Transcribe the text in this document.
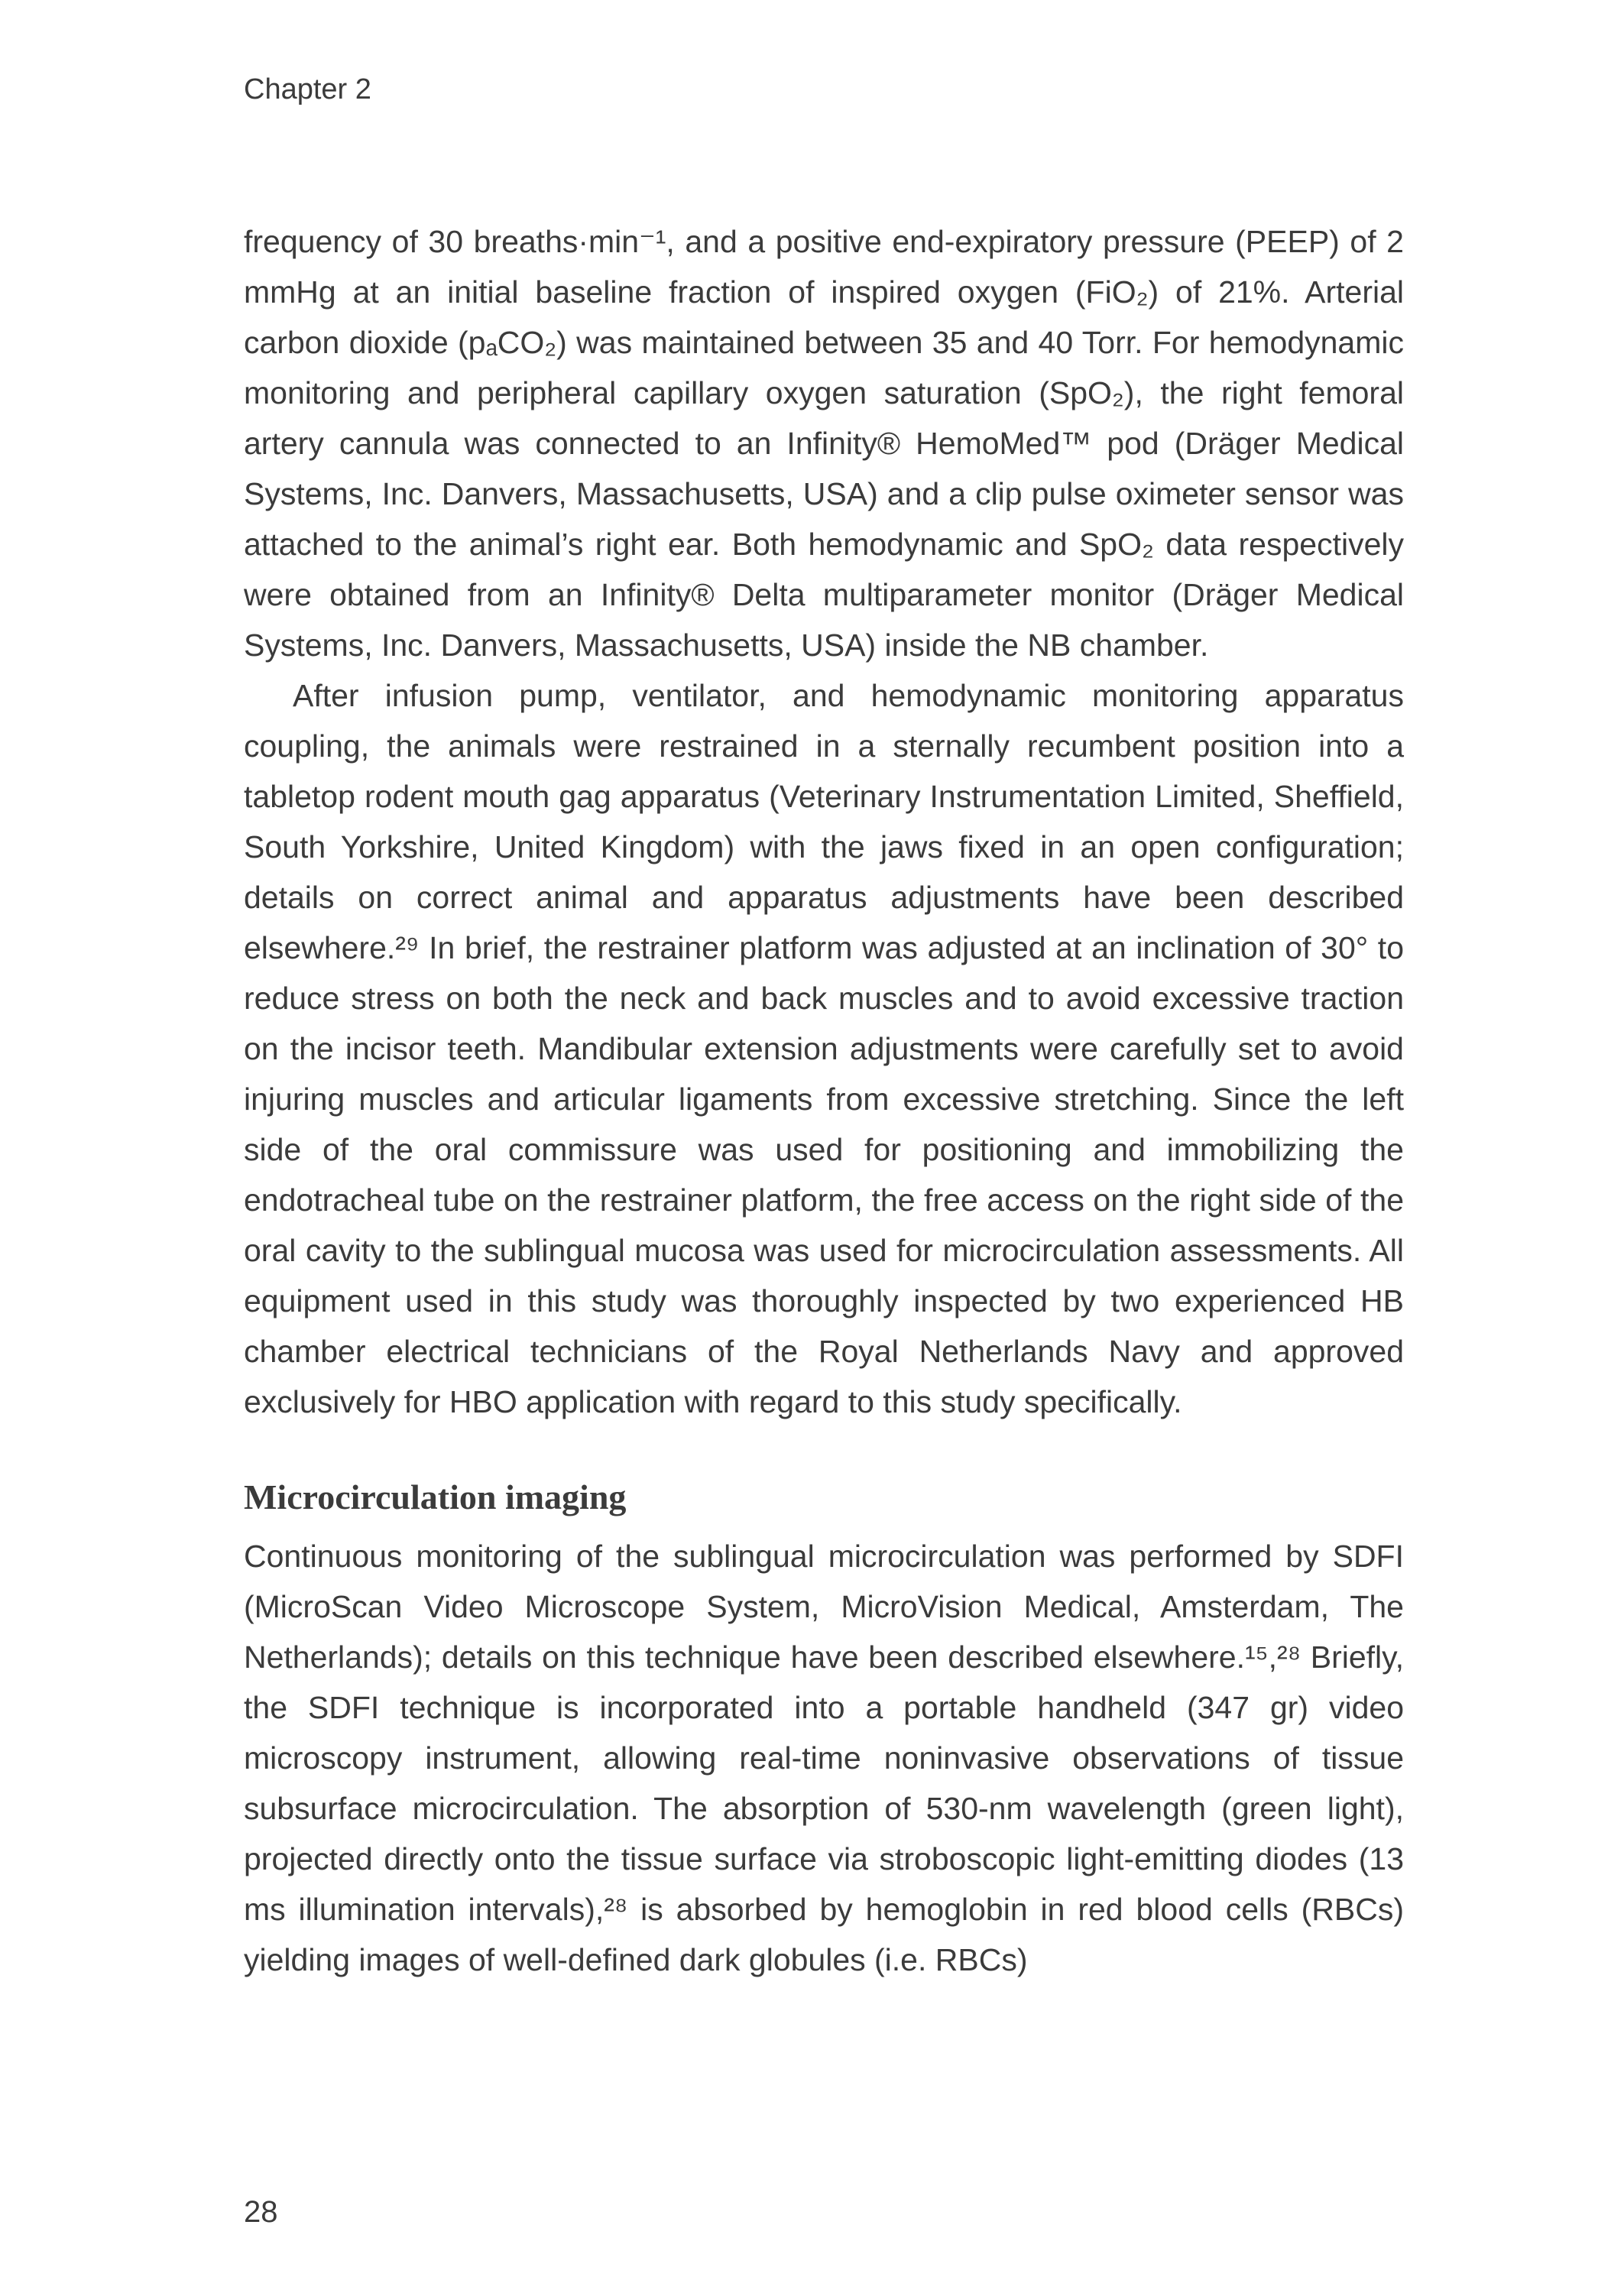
Chapter 2

frequency of 30 breaths·min⁻¹, and a positive end-expiratory pressure (PEEP) of 2 mmHg at an initial baseline fraction of inspired oxygen (FiO₂) of 21%. Arterial carbon dioxide (pₐCO₂) was maintained between 35 and 40 Torr. For hemodynamic monitoring and peripheral capillary oxygen saturation (SpO₂), the right femoral artery cannula was connected to an Infinity® HemoMed™ pod (Dräger Medical Systems, Inc. Danvers, Massachusetts, USA) and a clip pulse oximeter sensor was attached to the animal’s right ear. Both hemodynamic and SpO₂ data respectively were obtained from an Infinity® Delta multiparameter monitor (Dräger Medical Systems, Inc. Danvers, Massachusetts, USA) inside the NB chamber.

After infusion pump, ventilator, and hemodynamic monitoring apparatus coupling, the animals were restrained in a sternally recumbent position into a tabletop rodent mouth gag apparatus (Veterinary Instrumentation Limited, Sheffield, South Yorkshire, United Kingdom) with the jaws fixed in an open configuration; details on correct animal and apparatus adjustments have been described elsewhere.²⁹ In brief, the restrainer platform was adjusted at an inclination of 30° to reduce stress on both the neck and back muscles and to avoid excessive traction on the incisor teeth. Mandibular extension adjustments were carefully set to avoid injuring muscles and articular ligaments from excessive stretching. Since the left side of the oral commissure was used for positioning and immobilizing the endotracheal tube on the restrainer platform, the free access on the right side of the oral cavity to the sublingual mucosa was used for microcirculation assessments. All equipment used in this study was thoroughly inspected by two experienced HB chamber electrical technicians of the Royal Netherlands Navy and approved exclusively for HBO application with regard to this study specifically.

Microcirculation imaging

Continuous monitoring of the sublingual microcirculation was performed by SDFI (MicroScan Video Microscope System, MicroVision Medical, Amsterdam, The Netherlands); details on this technique have been described elsewhere.¹⁵,²⁸ Briefly, the SDFI technique is incorporated into a portable handheld (347 gr) video microscopy instrument, allowing real-time noninvasive observations of tissue subsurface microcirculation. The absorption of 530-nm wavelength (green light), projected directly onto the tissue surface via stroboscopic light-emitting diodes (13 ms illumination intervals),²⁸ is absorbed by hemoglobin in red blood cells (RBCs) yielding images of well-defined dark globules (i.e. RBCs)

28
